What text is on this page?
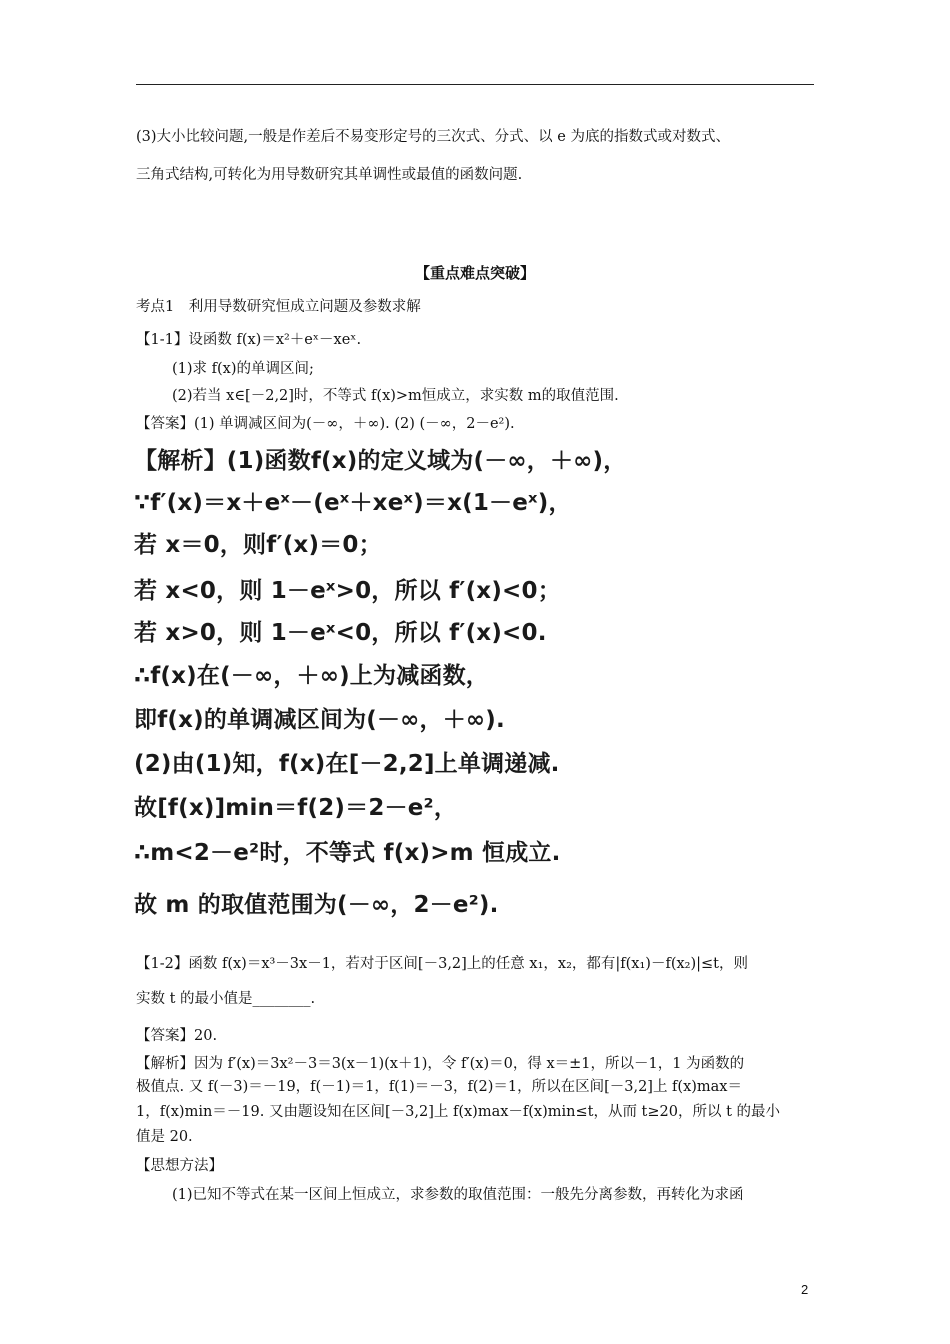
(3)大小比较问题,一般是作差后不易变形定号的三次式、分式、以 e 为底的指数式或对数式、
三角式结构,可转化为用导数研究其单调性或最值的函数问题.
【重点难点突破】
考点1　利用导数研究恒成立问题及参数求解
【1-1】设函数 f(x)＝x²＋eˣ－xeˣ.
(1)求 f(x)的单调区间;
(2)若当 x∈[－2,2]时，不等式 f(x)>m恒成立，求实数 m的取值范围.
【答案】(1) 单调减区间为(－∞，＋∞). (2) (－∞，2－e²).
【解析】(1)函数f(x)的定义域为(－∞，＋∞)，
∵f′(x)＝x＋eˣ－(eˣ＋xeˣ)＝x(1－eˣ)，
若 x＝0，则f′(x)＝0；
若 x<0，则 1－eˣ>0，所以 f′(x)<0；
若 x>0，则 1－eˣ<0，所以 f′(x)<0.
∴f(x)在(－∞，＋∞)上为减函数，
即f(x)的单调减区间为(－∞，＋∞).
(2)由(1)知，f(x)在[－2,2]上单调递减.
故[f(x)]min＝f(2)＝2－e²，
∴m<2－e²时，不等式 f(x)>m 恒成立.
故 m 的取值范围为(－∞，2－e²).
【1-2】函数 f(x)＝x³－3x－1，若对于区间[－3,2]上的任意 x₁，x₂，都有|f(x₁)－f(x₂)|≤t，则
实数 t 的最小值是________.
【答案】20.
【解析】因为 f′(x)＝3x²－3＝3(x－1)(x＋1)，令 f′(x)＝0，得 x＝±1，所以－1，1 为函数的
极值点. 又 f(－3)＝－19，f(－1)＝1，f(1)＝－3，f(2)＝1，所以在区间[－3,2]上 f(x)max＝
1，f(x)min＝－19. 又由题设知在区间[－3,2]上 f(x)max－f(x)min≤t，从而 t≥20，所以 t 的最小
值是 20.
【思想方法】
(1)已知不等式在某一区间上恒成立，求参数的取值范围：一般先分离参数，再转化为求函
2
